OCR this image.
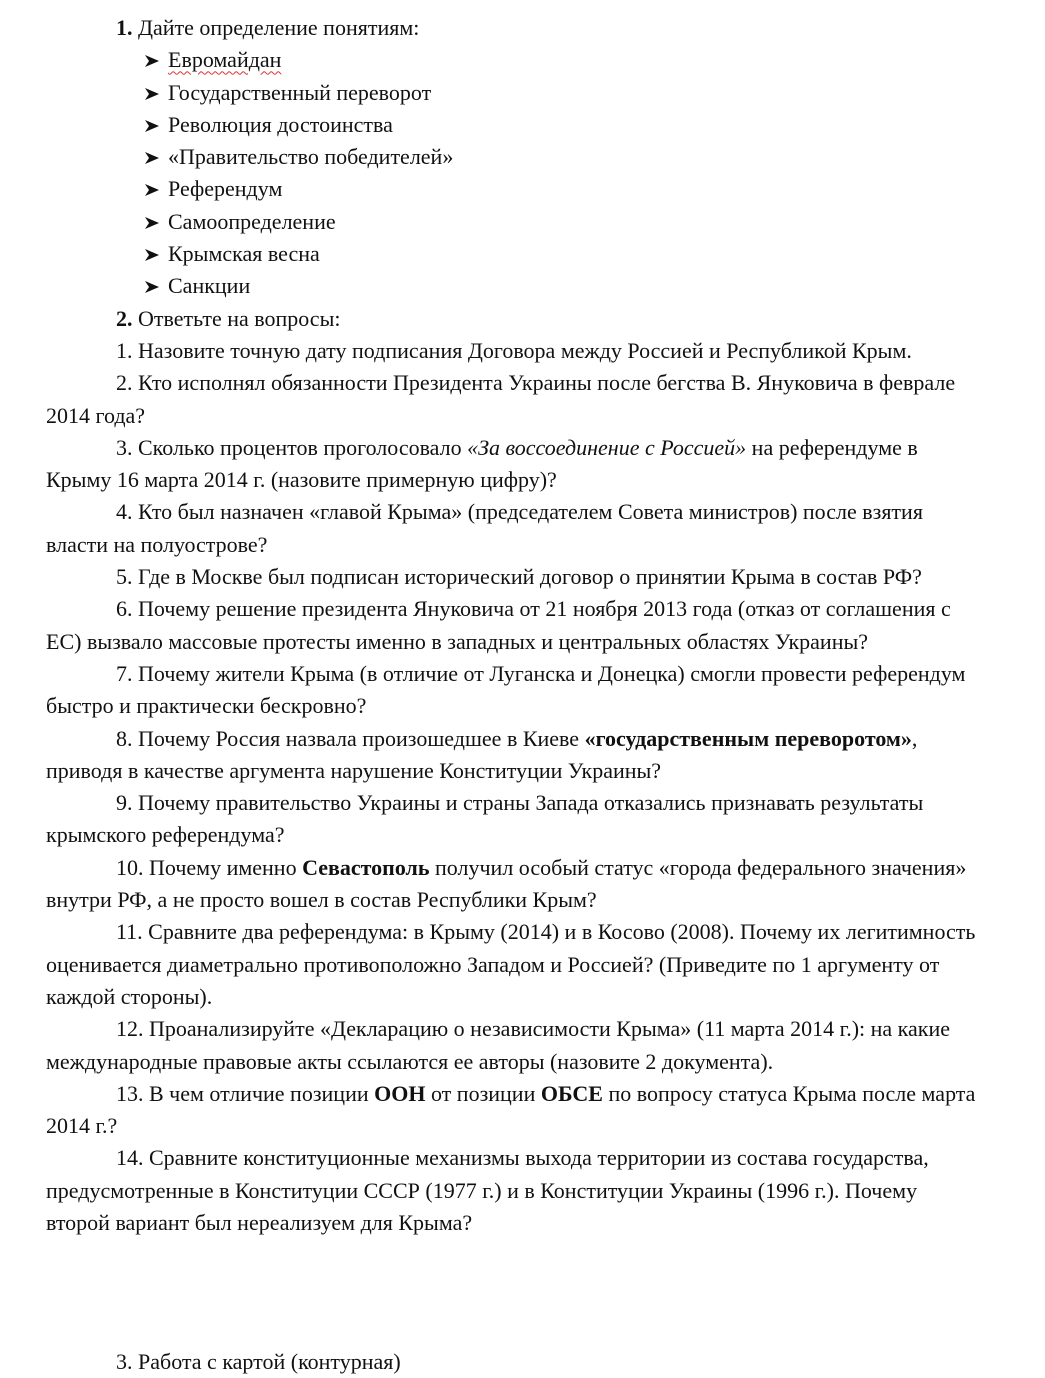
1. Дайте определение понятиям:
Евромайдан
Государственный переворот
Революция достоинства
«Правительство победителей»
Референдум
Самоопределение
Крымская весна
Санкции
2. Ответьте на вопросы:
1. Назовите точную дату подписания Договора между Россией и Республикой Крым.
2. Кто исполнял обязанности Президента Украины после бегства В. Януковича в феврале 2014 года?
3. Сколько процентов проголосовало «За воссоединение с Россией» на референдуме в Крыму 16 марта 2014 г. (назовите примерную цифру)?
4. Кто был назначен «главой Крыма» (председателем Совета министров) после взятия власти на полуострове?
5. Где в Москве был подписан исторический договор о принятии Крыма в состав РФ?
6. Почему решение президента Януковича от 21 ноября 2013 года (отказ от соглашения с ЕС) вызвало массовые протесты именно в западных и центральных областях Украины?
7. Почему жители Крыма (в отличие от Луганска и Донецка) смогли провести референдум быстро и практически бескровно?
8. Почему Россия назвала произошедшее в Киеве «государственным переворотом», приводя в качестве аргумента нарушение Конституции Украины?
9. Почему правительство Украины и страны Запада отказались признавать результаты крымского референдума?
10. Почему именно Севастополь получил особый статус «города федерального значения» внутри РФ, а не просто вошел в состав Республики Крым?
11. Сравните два референдума: в Крыму (2014) и в Косово (2008). Почему их легитимность оценивается диаметрально противоположно Западом и Россией? (Приведите по 1 аргументу от каждой стороны).
12. Проанализируйте «Декларацию о независимости Крыма» (11 марта 2014 г.): на какие международные правовые акты ссылаются ее авторы (назовите 2 документа).
13. В чем отличие позиции ООН от позиции ОБСЕ по вопросу статуса Крыма после марта 2014 г.?
14. Сравните конституционные механизмы выхода территории из состава государства, предусмотренные в Конституции СССР (1977 г.) и в Конституции Украины (1996 г.). Почему второй вариант был нереализуем для Крыма?
3. Работа с картой (контурная)
